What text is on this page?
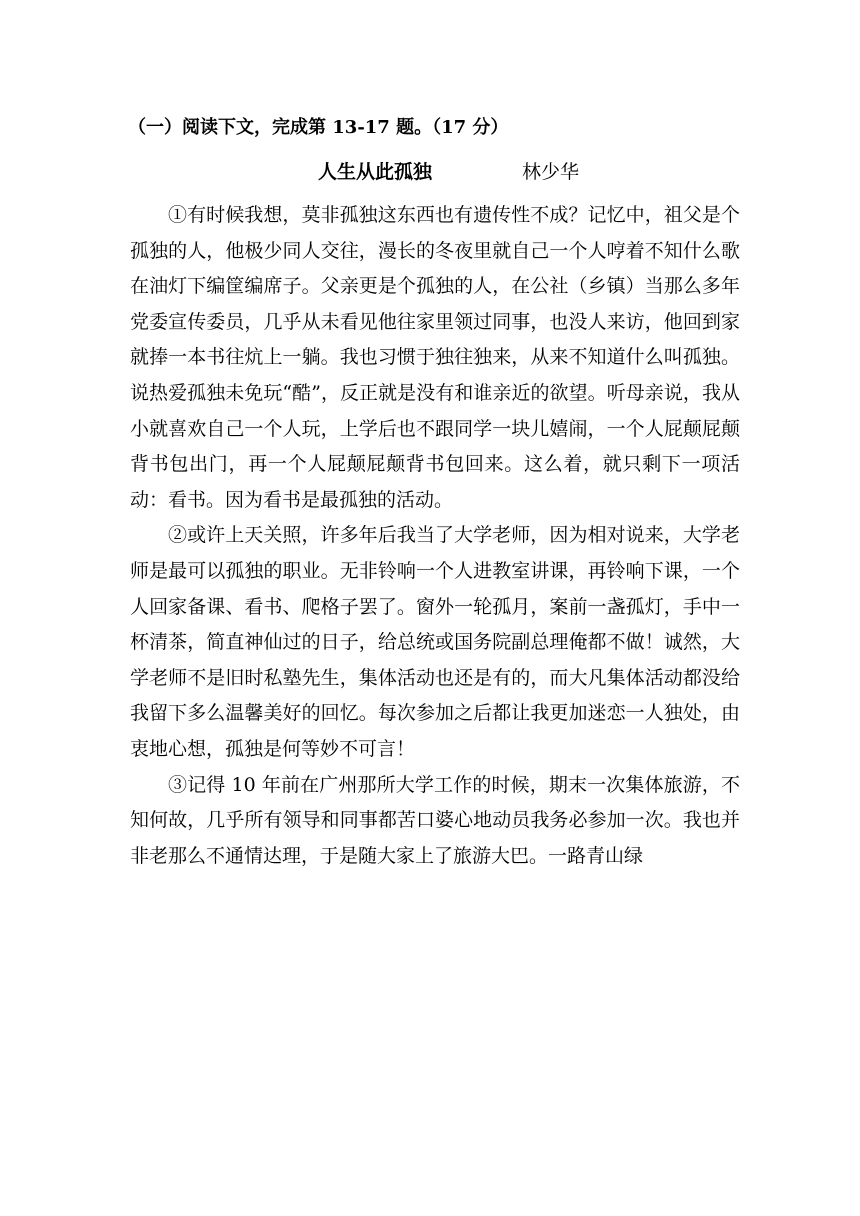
（一）阅读下文，完成第 13-17 题。（17 分）
人生从此孤独	林少华

①有时候我想，莫非孤独这东西也有遗传性不成？记忆中，祖父是个孤独的人，他极少同人交往，漫长的冬夜里就自己一个人哼着不知什么歌在油灯下编筐编席子。父亲更是个孤独的人，在公社（乡镇）当那么多年党委宣传委员，几乎从未看见他往家里领过同事，也没人来访，他回到家就捧一本书往炕上一躺。我也习惯于独往独来，从来不知道什么叫孤独。说热爱孤独未免玩“酷”，反正就是没有和谁亲近的欲望。听母亲说，我从小就喜欢自己一个人玩，上学后也不跟同学一块儿嬉闹，一个人屁颠屁颠背书包出门，再一个人屁颠屁颠背书包回来。这么着，就只剩下一项活动：看书。因为看书是最孤独的活动。

②或许上天关照，许多年后我当了大学老师，因为相对说来，大学老师是最可以孤独的职业。无非铃响一个人进教室讲课，再铃响下课，一个人回家备课、看书、爬格子罢了。窗外一轮孤月，案前一盏孤灯，手中一杯清茶，简直神仙过的日子，给总统或国务院副总理俺都不做！诚然，大学老师不是旧时私塾先生，集体活动也还是有的，而大凡集体活动都没给我留下多么温馨美好的回忆。每次参加之后都让我更加迷恋一人独处，由衷地心想，孤独是何等妙不可言！

③记得 10 年前在广州那所大学工作的时候，期末一次集体旅游，不知何故，几乎所有领导和同事都苦口婆心地动员我务必参加一次。我也并非老那么不通情达理，于是随大家上了旅游大巴。一路青山绿
